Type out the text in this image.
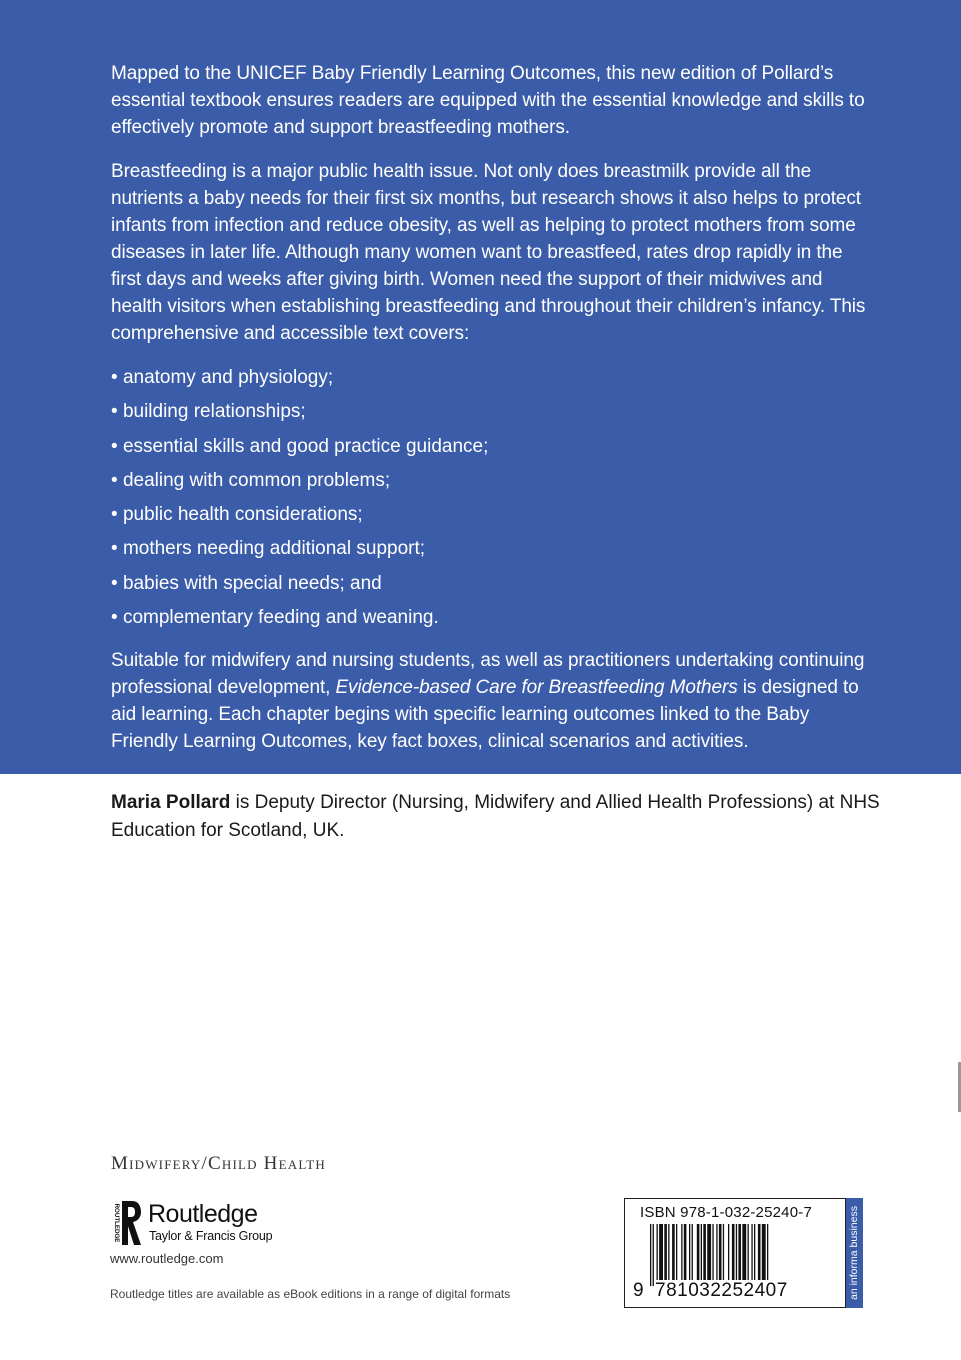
Mapped to the UNICEF Baby Friendly Learning Outcomes, this new edition of Pollard’s essential textbook ensures readers are equipped with the essential knowledge and skills to effectively promote and support breastfeeding mothers.

Breastfeeding is a major public health issue. Not only does breastmilk provide all the nutrients a baby needs for their first six months, but research shows it also helps to protect infants from infection and reduce obesity, as well as helping to protect mothers from some diseases in later life. Although many women want to breastfeed, rates drop rapidly in the first days and weeks after giving birth. Women need the support of their midwives and health visitors when establishing breastfeeding and throughout their children’s infancy. This comprehensive and accessible text covers:

• anatomy and physiology;
• building relationships;
• essential skills and good practice guidance;
• dealing with common problems;
• public health considerations;
• mothers needing additional support;
• babies with special needs; and
• complementary feeding and weaning.

Suitable for midwifery and nursing students, as well as practitioners undertaking continuing professional development, Evidence-based Care for Breastfeeding Mothers is designed to aid learning. Each chapter begins with specific learning outcomes linked to the Baby Friendly Learning Outcomes, key fact boxes, clinical scenarios and activities.

Maria Pollard is Deputy Director (Nursing, Midwifery and Allied Health Professions) at NHS Education for Scotland, UK.

Midwifery/Child Health
ROUTLEDGE Routledge
Taylor & Francis Group
www.routledge.com
Routledge titles are available as eBook editions in a range of digital formats
ISBN 978-1-032-25240-7
9 781032252407	an informa business
